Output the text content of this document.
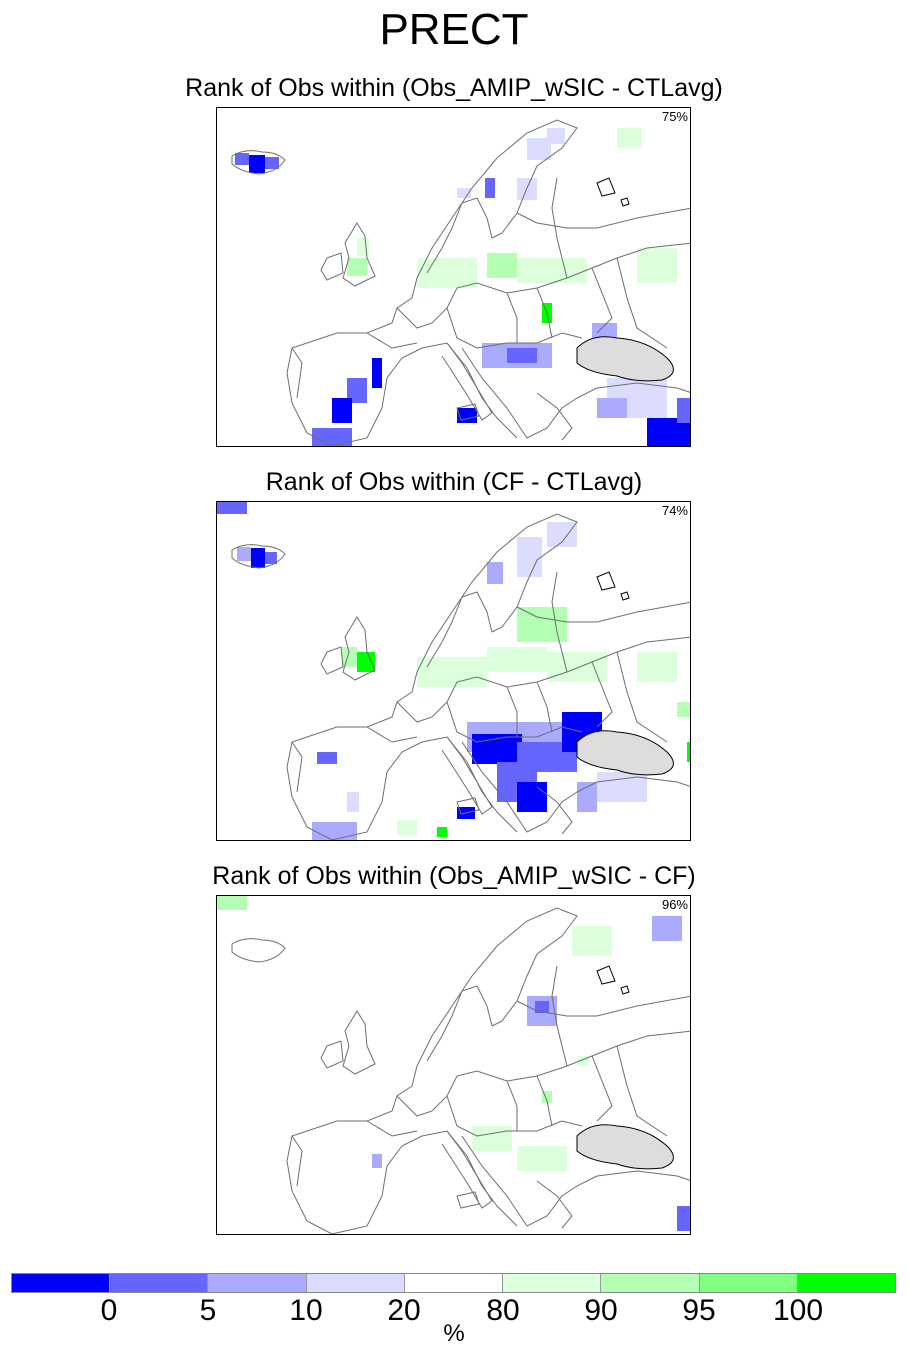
PRECT
Rank of Obs within (Obs_AMIP_wSIC - CTLavg)
75%
Rank of Obs within (CF - CTLavg)
74%
Rank of Obs within (Obs_AMIP_wSIC - CF)
96%
0	5 10 20 80 90 95 100
%
